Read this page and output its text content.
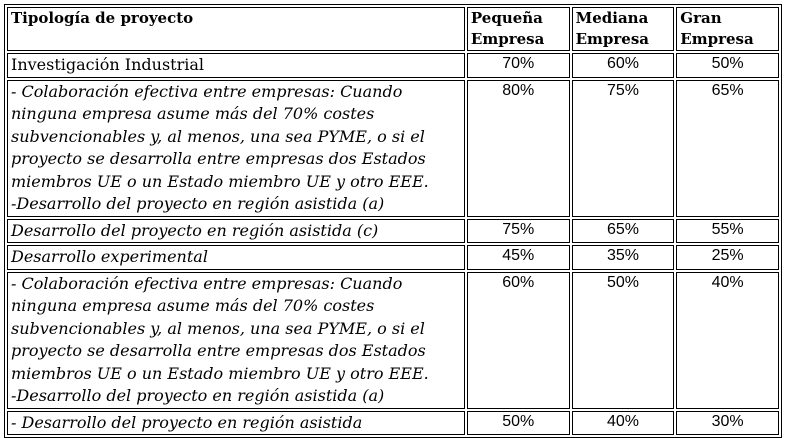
Tipología de proyecto	Pequeña Empresa	Mediana Empresa	Gran Empresa
Investigación Industrial	70%	60%	50%

- Colaboración efectiva entre empresas: Cuando ninguna empresa asume más del 70% costes subvencionables y, al menos, una sea PYME, o si el proyecto se desarrolla entre empresas dos Estados miembros UE o un Estado miembro UE y otro EEE.
-Desarrollo del proyecto en región asistida (a)	80%	75%	65%
Desarrollo del proyecto en región asistida (c)	75%	65%	55%
Desarrollo experimental	45%	35%	25%

- Colaboración efectiva entre empresas: Cuando ninguna empresa asume más del 70% costes subvencionables y, al menos, una sea PYME, o si el proyecto se desarrolla entre empresas dos Estados miembros UE o un Estado miembro UE y otro EEE.
-Desarrollo del proyecto en región asistida (a)	60%	50%	40%
- Desarrollo del proyecto en región asistida	50%	40%	30%
